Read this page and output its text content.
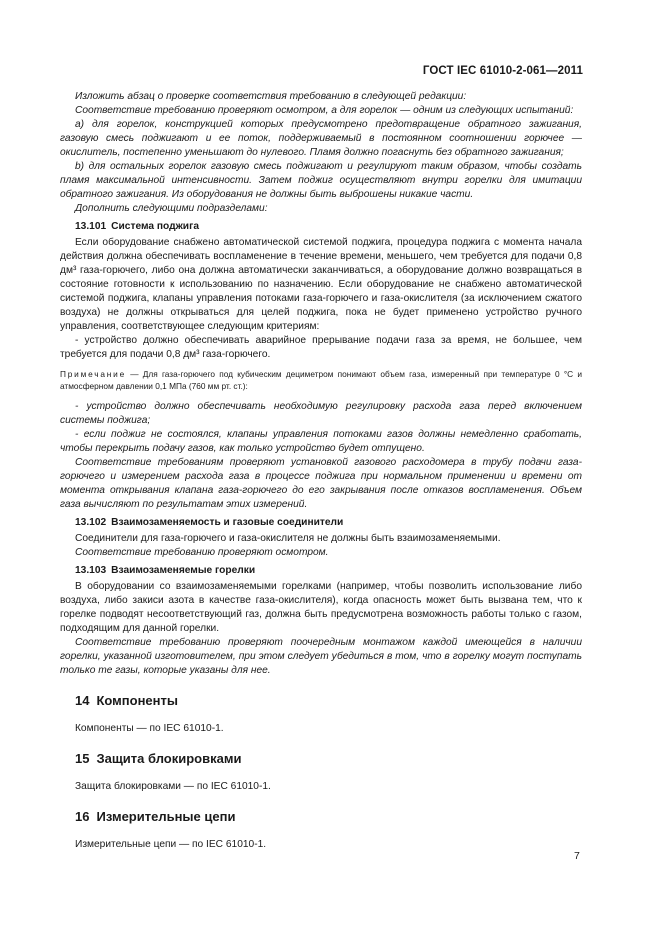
ГОСТ IEC 61010-2-061—2011

Изложить абзац о проверке соответствия требованию в следующей редакции:

Соответствие требованию проверяют осмотром, а для горелок — одним из следующих испытаний:

а) для горелок, конструкцией которых предусмотрено предотвращение обратного зажигания, газовую смесь поджигают и ее поток, поддерживаемый в постоянном соотношении горючее — окислитель, постепенно уменьшают до нулевого. Пламя должно погаснуть без обратного зажигания;

b) для остальных горелок газовую смесь поджигают и регулируют таким образом, чтобы создать пламя максимальной интенсивности. Затем поджиг осуществляют внутри горелки для имитации обратного зажигания. Из оборудования не должны быть выброшены никакие части.

Дополнить следующими подразделами:

13.101 Система поджига

Если оборудование снабжено автоматической системой поджига, процедура поджига с момента начала действия должна обеспечивать воспламенение в течение времени, меньшего, чем требуется для подачи 0,8 дм³ газа-горючего, либо она должна автоматически заканчиваться, а оборудование должно возвращаться в состояние готовности к использованию по назначению. Если оборудование не снабжено автоматической системой поджига, клапаны управления потоками газа-горючего и газа-окислителя (за исключением сжатого воздуха) не должны открываться для целей поджига, пока не будет применено устройство ручного управления, соответствующее следующим критериям:

- устройство должно обеспечивать аварийное прерывание подачи газа за время, не большее, чем требуется для подачи 0,8 дм³ газа-горючего.

Примечание — Для газа-горючего под кубическим дециметром понимают объем газа, измеренный при температуре 0 °С и атмосферном давлении 0,1 МПа (760 мм рт. ст.):

- устройство должно обеспечивать необходимую регулировку расхода газа перед включением системы поджига;

- если поджиг не состоялся, клапаны управления потоками газов должны немедленно сработать, чтобы перекрыть подачу газов, как только устройство будет отпущено.

Соответствие требованиям проверяют установкой газового расходомера в трубу подачи газа-горючего и измерением расхода газа в процессе поджига при нормальном применении и времени от момента открывания клапана газа-горючего до его закрывания после отказов воспламенения. Объем газа вычисляют по результатам этих измерений.

13.102 Взаимозаменяемость и газовые соединители

Соединители для газа-горючего и газа-окислителя не должны быть взаимозаменяемыми.

Соответствие требованию проверяют осмотром.

13.103 Взаимозаменяемые горелки

В оборудовании со взаимозаменяемыми горелками (например, чтобы позволить использование либо воздуха, либо закиси азота в качестве газа-окислителя), когда опасность может быть вызвана тем, что к горелке подводят несоответствующий газ, должна быть предусмотрена возможность работы только с газом, подходящим для данной горелки.

Соответствие требованию проверяют поочередным монтажом каждой имеющейся в наличии горелки, указанной изготовителем, при этом следует убедиться в том, что в горелку могут поступать только те газы, которые указаны для нее.

14 Компоненты

Компоненты — по IEC 61010-1.

15 Защита блокировками

Защита блокировками — по IEC 61010-1.

16 Измерительные цепи

Измерительные цепи — по IEC 61010-1.

7
